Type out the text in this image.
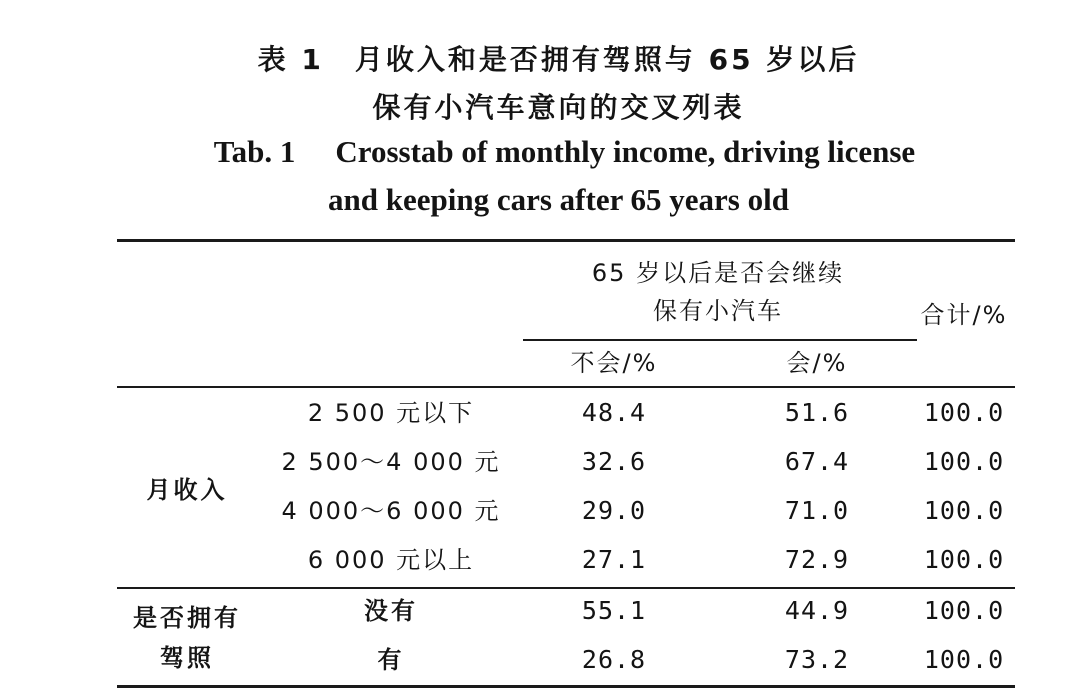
表 1　月收入和是否拥有驾照与 65 岁以后
保有小汽车意向的交叉列表
Tab. 1 Crosstab of monthly income, driving license
and keeping cars after 65 years old
65 岁以后是否会继续
保有小汽车
不会/%	会/%
合计/%
月收入
2 500 元以下	48.4	51.6	100.0
2 500～4 000 元	32.6	67.4	100.0
4 000～6 000 元	29.0	71.0	100.0
6 000 元以上	27.1	72.9	100.0
是否拥有
驾照
没有	55.1	44.9	100.0
有	26.8	73.2	100.0
